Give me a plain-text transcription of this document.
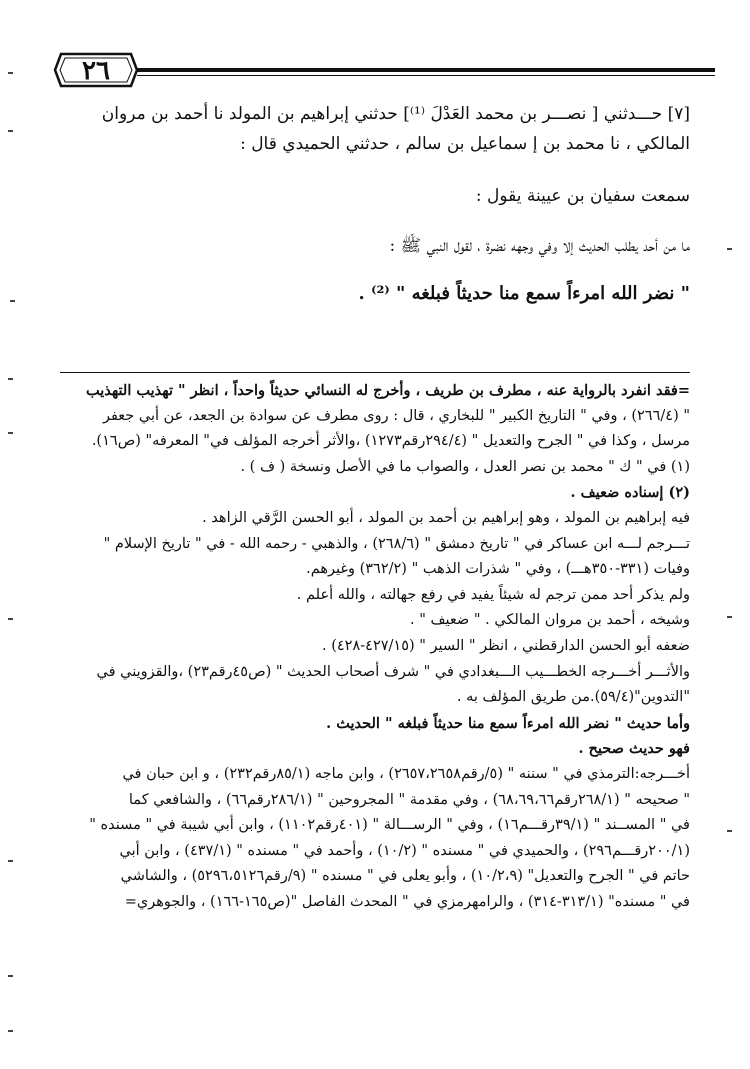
٢٦

[٧] حـــدثني [ نصـــر بن محمد العَدْلَ ⁽¹⁾] حدثني إبراهيم بن المولد نا أحمد بن مروان

المالكي ، نا محمد بن إ سماعيل بن سالم ، حدثني الحميدي قال :

سمعت سفيان بن عيينة يقول :

ما من أحد يطلب الحديث إلا وفي وجهه نضرة ، لقول النبي ﷺ :

" نضر الله امرءاً سمع منا حديثاً فبلغه " ⁽²⁾ .

=فقد انفرد بالرواية عنه ، مطرف بن طريف ، وأخرج له النسائي حديثاً واحداً ، انظر " تهذيب التهذيب

" (٢٦٦/٤) ، وفي " التاريخ الكبير " للبخاري ، قال : روى مطرف عن سوادة بن الجعد، عن أبي جعفر

مرسل ، وكذا في " الجرح والتعديل " (٢٩٤/٤رقم١٢٧٣) ،والأثر أخرجه المؤلف في" المعرفه" (ص١٦).

(١) في " ك " محمد بن نصر العدل ، والصواب ما في الأصل ونسخة ( ف ) .

(٢) إسناده ضعيف .

فيه إبراهيم بن المولد ، وهو إبراهيم بن أحمد بن المولد ، أبو الحسن الرَّقي الزاهد .

تـــرجم لـــه ابن عساكر في " تاريخ دمشق " (٢٦٨/٦) ، والذهبي - رحمه الله - في " تاريخ الإسلام "

وفيات (٣٣١-٣٥٠هـــ) ، وفي " شذرات الذهب " (٣٦٢/٢) وغيرهم.

ولم يذكر أحد ممن ترجم له شيئاً يفيد في رفع جهالته ، والله أعلم .

وشيخه ، أحمد بن مروان المالكي . " ضعيف " .

ضعفه أبو الحسن الدارقطني ، انظر " السير " (٤٢٧/١٥-٤٢٨) .

والأثـــر أخـــرجه الخطـــيب الـــبغدادي في " شرف أصحاب الحديث " (ص٤٥رقم٢٣) ،والقزويني في

"التدوين"(٥٩/٤).من طريق المؤلف به .

وأما حديث " نضر الله امرءاً سمع منا حديثاً فبلغه " الحديث .

فهو حديث صحيح .

أخـــرجه:الترمذي في " سننه " (٥/رقم٢٦٥٧،٢٦٥٨) ، وابن ماجه (٨٥/١رقم٢٣٢) ، و ابن حبان في

" صحيحه " (٢٦٨/١رقم٦٨،٦٩،٦٦) ، وفي مقدمة " المجروحين " (٢٨٦/١رقم٦٦) ، والشافعي كما

في " المســند " (٣٩/١رقـــم١٦) ، وفي " الرســـالة " (٤٠١رقم١١٠٢) ، وابن أبي شيبة في " مسنده "

(٢٠٠/١رقـــم٢٩٦) ، والحميدي في " مسنده " (١٠/٢) ، وأحمد في " مسنده " (٤٣٧/١) ، وابن أبي

حاتم في " الجرح والتعديل" (١٠/٢،٩) ، وأبو يعلى في " مسنده " (٩/رقم٥٢٩٦،٥١٢٦) ، والشاشي

في " مسنده" (٣١٣/١-٣١٤) ، والرامهرمزي في " المحدث الفاصل "(ص١٦٥-١٦٦) ، والجوهري=
